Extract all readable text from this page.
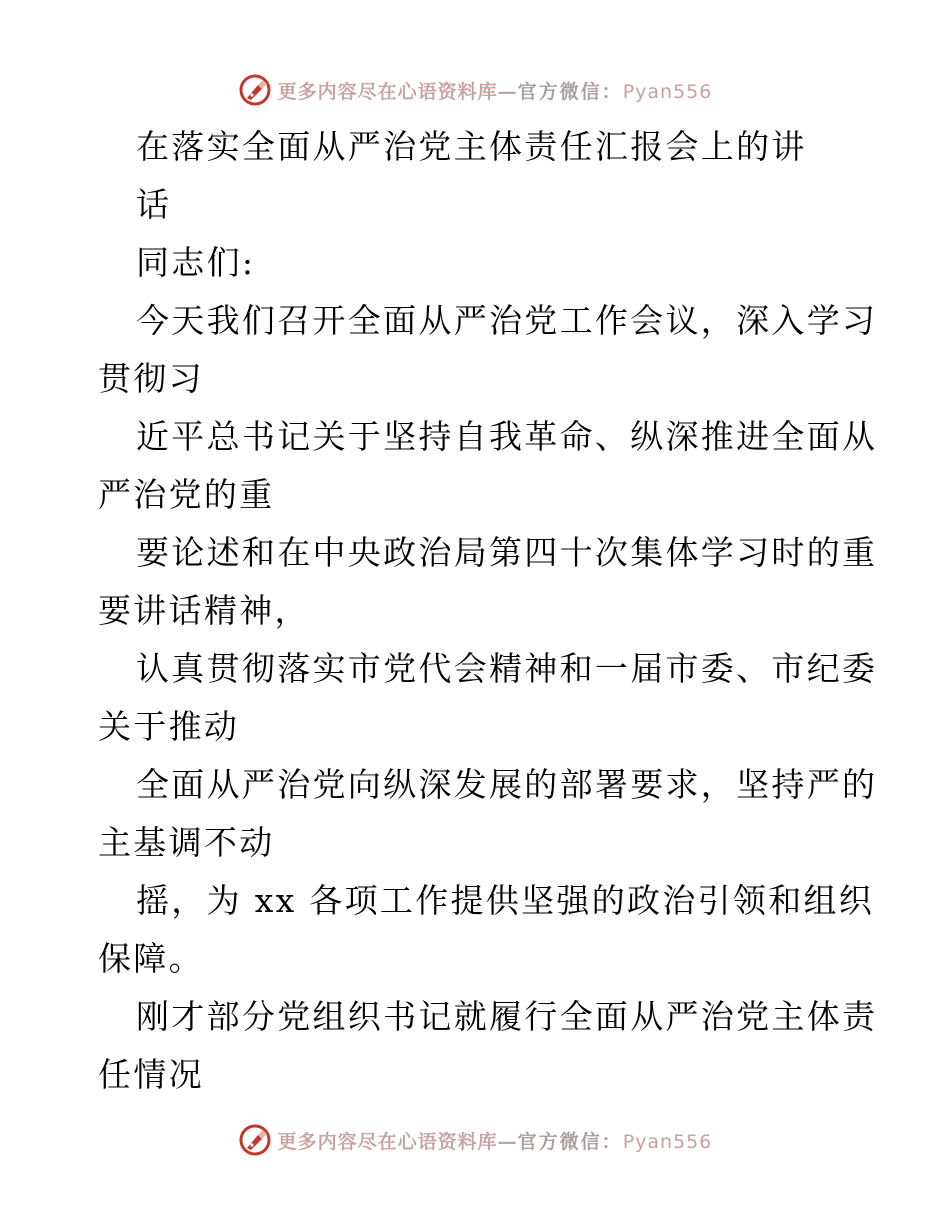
更多内容尽在心语资料库—官方微信：Pyan556
在落实全面从严治党主体责任汇报会上的讲
话
同志们:
今天我们召开全面从严治党工作会议，深入学习
贯彻习
近平总书记关于坚持自我革命、纵深推进全面从
严治党的重
要论述和在中央政治局第四十次集体学习时的重
要讲话精神，
认真贯彻落实市党代会精神和一届市委、市纪委
关于推动
全面从严治党向纵深发展的部署要求，坚持严的
主基调不动
摇，为 xx 各项工作提供坚强的政治引领和组织
保障。
刚才部分党组织书记就履行全面从严治党主体责
任情况
更多内容尽在心语资料库—官方微信：Pyan556
